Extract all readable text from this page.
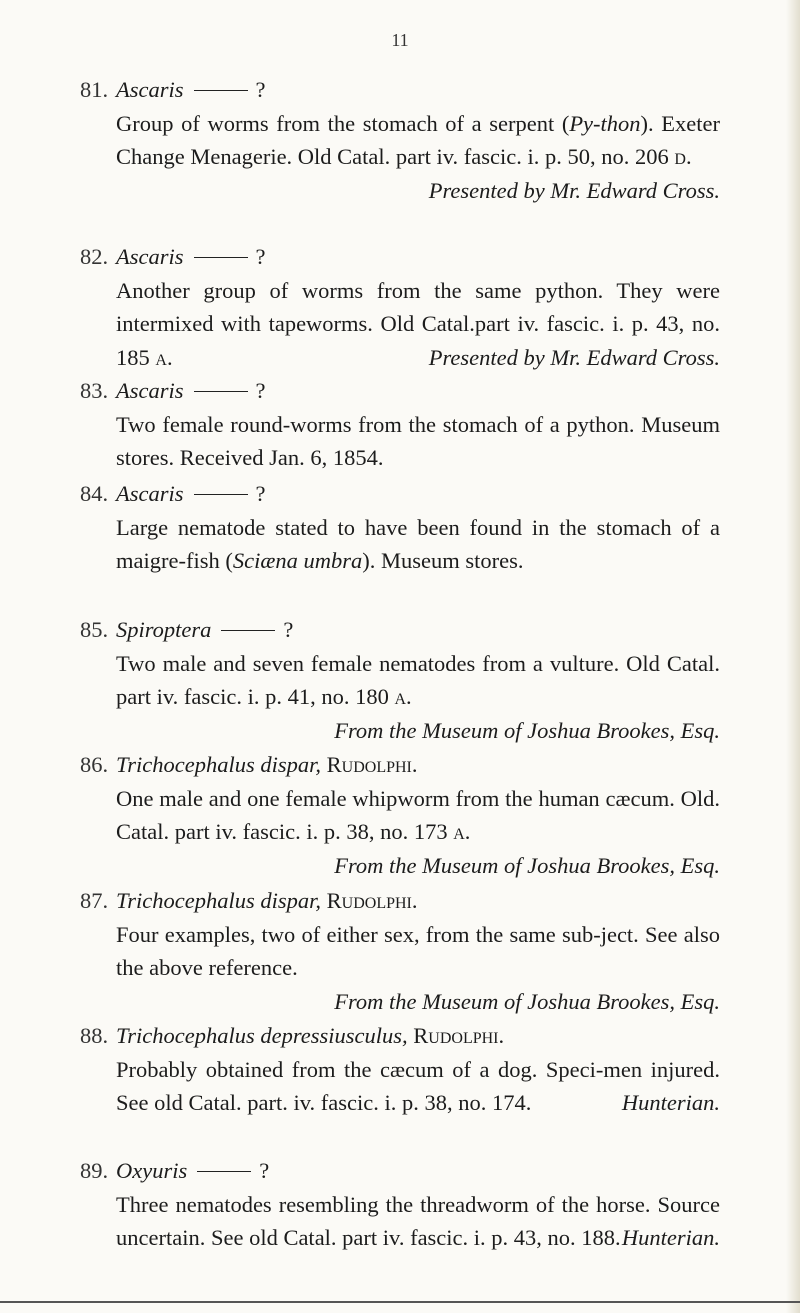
11
81. Ascaris	?
Group of worms from the stomach of a serpent (Py-thon). Exeter Change Menagerie. Old Catal. part iv. fascic. i. p. 50, no. 206 d.
Presented by Mr. Edward Cross.
82. Ascaris	?
Another group of worms from the same python. They were intermixed with tapeworms. Old Catal.part iv. fascic. i. p. 43, no. 185 a.	Presented by Mr. Edward Cross.
83. Ascaris	?
Two female round-worms from the stomach of a python. Museum stores. Received Jan. 6, 1854.
84. Ascaris	?
Large nematode stated to have been found in the stomach of a maigre-fish (Sciæna umbra). Museum stores.
85. Spiroptera	?
Two male and seven female nematodes from a vulture. Old Catal. part iv. fascic. i. p. 41, no. 180 a.
From the Museum of Joshua Brookes, Esq.
86. Trichocephalus dispar, Rudolphi.
One male and one female whipworm from the human cæcum. Old. Catal. part iv. fascic. i. p. 38, no. 173 a.
From the Museum of Joshua Brookes, Esq.
87. Trichocephalus dispar, Rudolphi.
Four examples, two of either sex, from the same sub-ject. See also the above reference.
From the Museum of Joshua Brookes, Esq.
88. Trichocephalus depressiusculus, Rudolphi.
Probably obtained from the cæcum of a dog. Speci-men injured. See old Catal. part. iv. fascic. i. p. 38, no. 174.	Hunterian.
89. Oxyuris	?
Three nematodes resembling the threadworm of the horse. Source uncertain. See old Catal. part iv. fascic. i. p. 43, no. 188. Hunterian.
